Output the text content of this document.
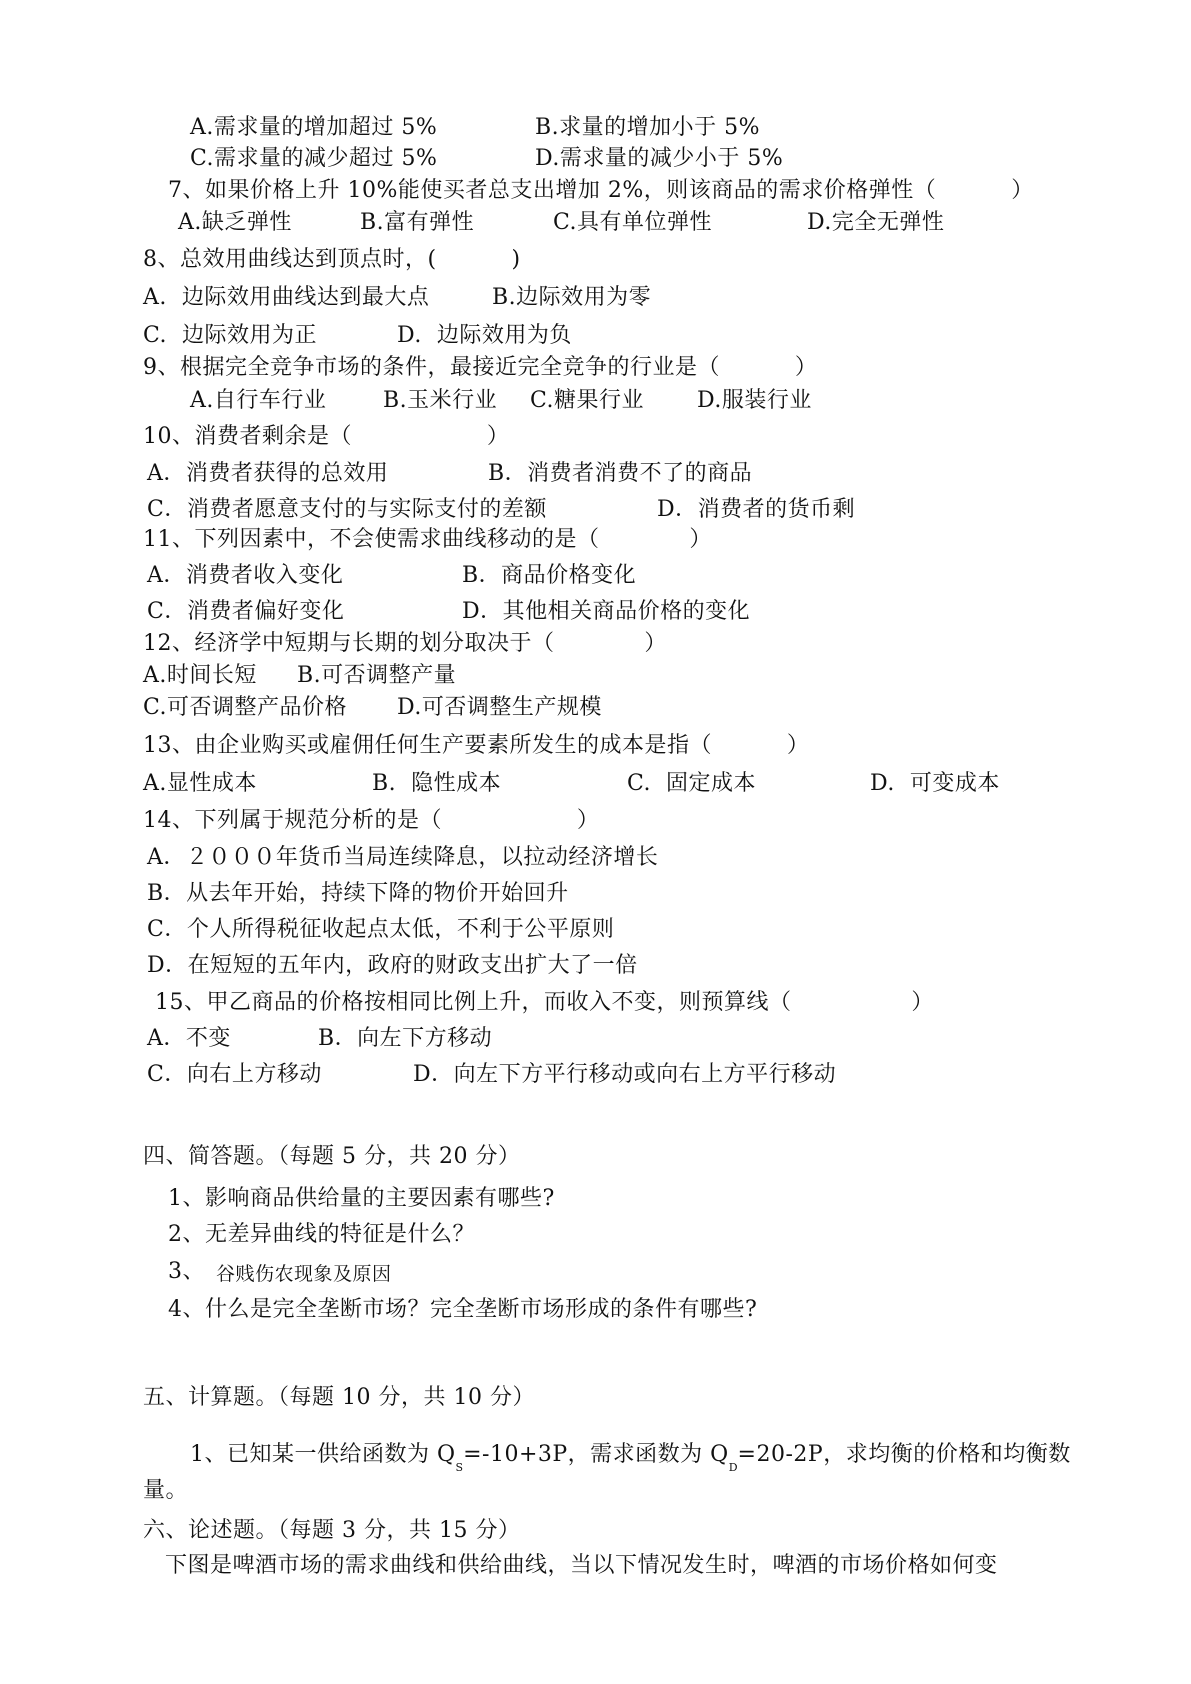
A.需求量的增加超过 5%	B.求量的增加小于 5%
C.需求量的减少超过 5%	D.需求量的减少小于 5%
7、如果价格上升 10%能使买者总支出增加 2%，则该商品的需求价格弹性（          ）
A.缺乏弹性	B.富有弹性	C.具有单位弹性	D.完全无弹性
8、总效用曲线达到顶点时，(          )
A.  边际效用曲线达到最大点	B.边际效用为零
C.  边际效用为正	D.  边际效用为负
9、根据完全竞争市场的条件，最接近完全竞争的行业是（          ）
A.自行车行业	B.玉米行业 C.糖果行业 D.服装行业
10、消费者剩余是（                  ）
A．消费者获得的总效用	B．消费者消费不了的商品
C．消费者愿意支付的与实际支付的差额	D．消费者的货币剩
11、下列因素中，不会使需求曲线移动的是（            ）
A．消费者收入变化	B．商品价格变化
C．消费者偏好变化	D．其他相关商品价格的变化
12、经济学中短期与长期的划分取决于（            ）
A.时间长短 B.可否调整产量
C.可否调整产品价格 D.可否调整生产规模
13、由企业购买或雇佣任何生产要素所发生的成本是指（          ）
A.显性成本	B.  隐性成本	C.  固定成本	D.  可变成本
14、下列属于规范分析的是（                  ）
A．２０００年货币当局连续降息，以拉动经济增长
B．从去年开始，持续下降的物价开始回升
C．个人所得税征收起点太低，不利于公平原则
D．在短短的五年内，政府的财政支出扩大了一倍
15、甲乙商品的价格按相同比例上升，而收入不变，则预算线（                ）
A．不变	B．向左下方移动
C．向右上方移动	D．向左下方平行移动或向右上方平行移动
四、简答题。（每题 5 分，共 20 分）
1、影响商品供给量的主要因素有哪些?
2、无差异曲线的特征是什么？
3、 谷贱伤农现象及原因
4、什么是完全垄断市场？完全垄断市场形成的条件有哪些?
五、计算题。（每题 10 分，共 10 分）
1、已知某一供给函数为 $Q_S=-10+3P$，需求函数为 $Q_D=20-2P$，求均衡的价格和均衡数
量。
六、论述题。（每题 3 分，共 15 分）
下图是啤酒市场的需求曲线和供给曲线，当以下情况发生时，啤酒的市场价格如何变
